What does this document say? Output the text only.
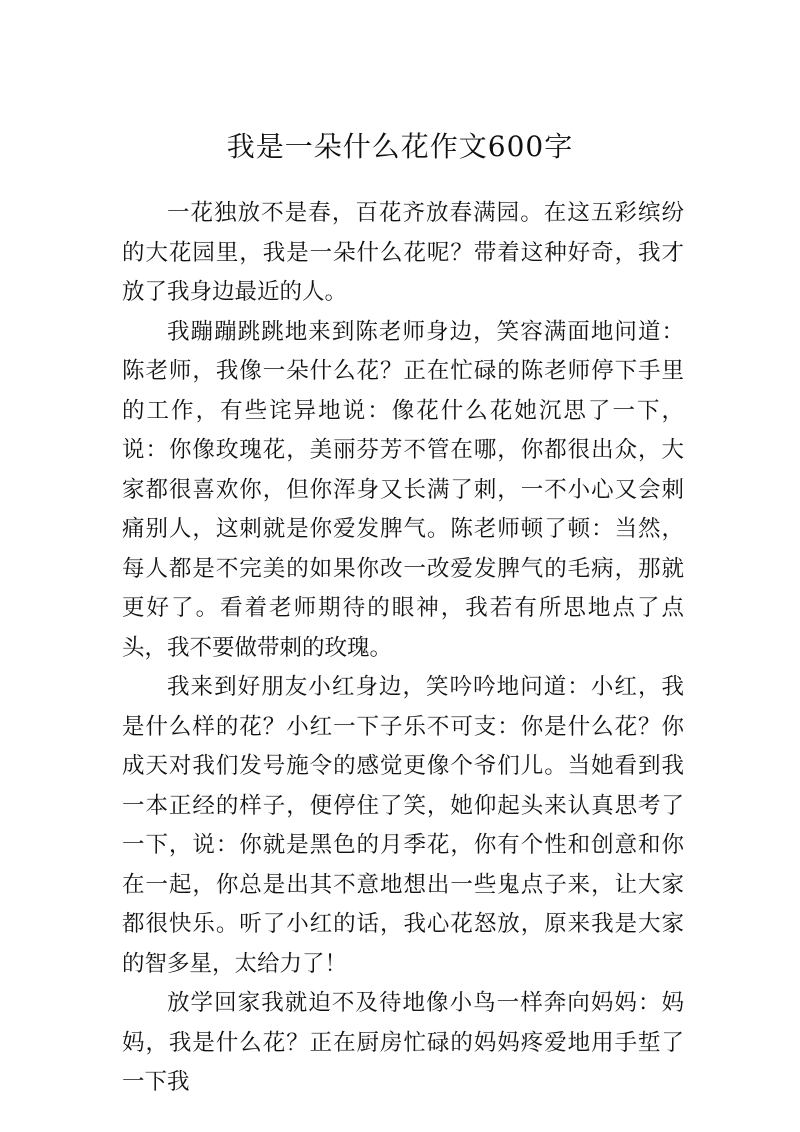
我是一朵什么花作文600字

一花独放不是春，百花齐放春满园。在这五彩缤纷的大花园里，我是一朵什么花呢？带着这种好奇，我才放了我身边最近的人。

我蹦蹦跳跳地来到陈老师身边，笑容满面地问道：陈老师，我像一朵什么花？正在忙碌的陈老师停下手里的工作，有些诧异地说：像花什么花她沉思了一下，说：你像玫瑰花，美丽芬芳不管在哪，你都很出众，大家都很喜欢你，但你浑身又长满了刺，一不小心又会刺痛别人，这刺就是你爱发脾气。陈老师顿了顿：当然，每人都是不完美的如果你改一改爱发脾气的毛病，那就更好了。看着老师期待的眼神，我若有所思地点了点头，我不要做带刺的玫瑰。

我来到好朋友小红身边，笑吟吟地问道：小红，我是什么样的花？小红一下子乐不可支：你是什么花？你成天对我们发号施令的感觉更像个爷们儿。当她看到我一本正经的样子，便停住了笑，她仰起头来认真思考了一下，说：你就是黑色的月季花，你有个性和创意和你在一起，你总是出其不意地想出一些鬼点子来，让大家都很快乐。听了小红的话，我心花怒放，原来我是大家的智多星，太给力了！

放学回家我就迫不及待地像小鸟一样奔向妈妈：妈妈，我是什么花？正在厨房忙碌的妈妈疼爱地用手埑了一下我
